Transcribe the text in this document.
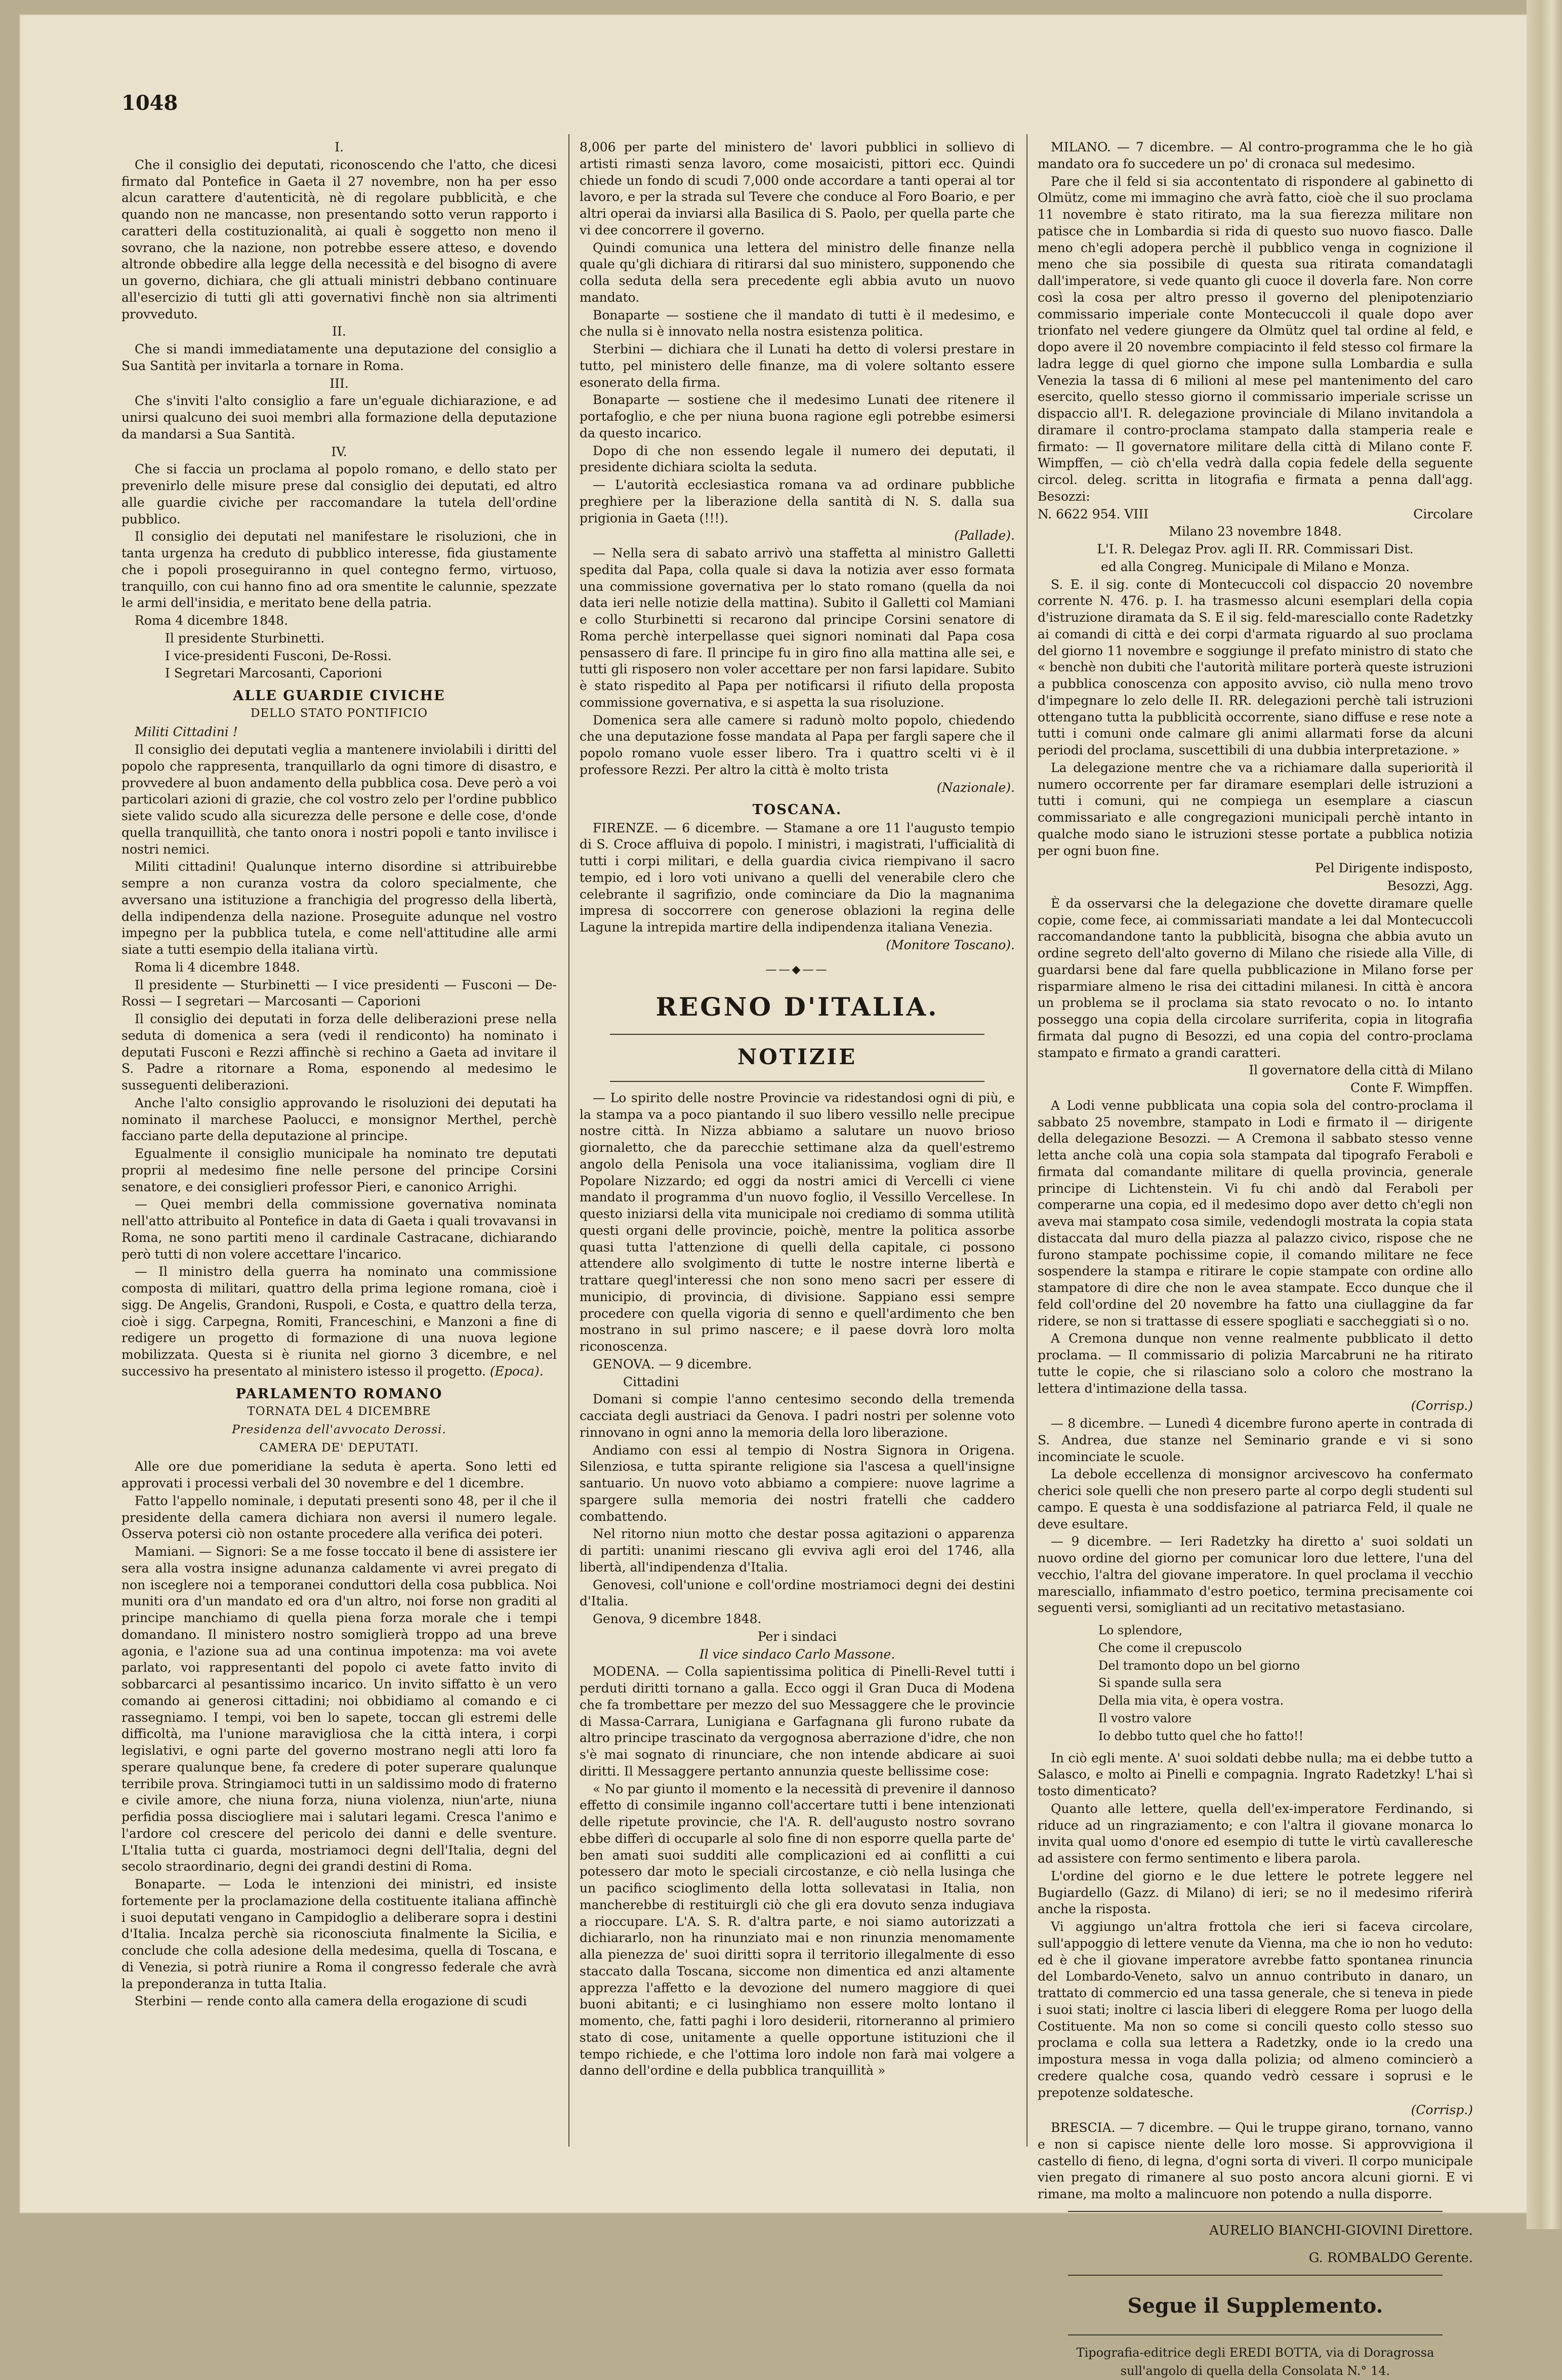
1048

I.

Che il consiglio dei deputati, riconoscendo che l'atto, che dicesi firmato dal Pontefice in Gaeta il 27 novembre, non ha per esso alcun carattere d'autenticità, nè di regolare pubblicità, e che quando non ne mancasse, non presentando sotto verun rapporto i caratteri della costituzionalità, ai quali è soggetto non meno il sovrano, che la nazione, non potrebbe essere atteso, e dovendo altronde obbedire alla legge della necessità e del bisogno di avere un governo, dichiara, che gli attuali ministri debbano continuare all'esercizio di tutti gli atti governativi finchè non sia altrimenti provveduto.

II.

Che si mandi immediatamente una deputazione del consiglio a Sua Santità per invitarla a tornare in Roma.

III.

Che s'inviti l'alto consiglio a fare un'eguale dichiarazione, e ad unirsi qualcuno dei suoi membri alla formazione della deputazione da mandarsi a Sua Santità.

IV.

Che si faccia un proclama al popolo romano, e dello stato per prevenirlo delle misure prese dal consiglio dei deputati, ed altro alle guardie civiche per raccomandare la tutela dell'ordine pubblico.

Il consiglio dei deputati nel manifestare le risoluzioni, che in tanta urgenza ha creduto di pubblico interesse, fida giustamente che i popoli proseguiranno in quel contegno fermo, virtuoso, tranquillo, con cui hanno fino ad ora smentite le calunnie, spezzate le armi dell'insidia, e meritato bene della patria.

Roma 4 dicembre 1848.

Il presidente Sturbinetti.

I vice-presidenti Fusconi, De-Rossi.

I Segretari Marcosanti, Caporioni

ALLE GUARDIE CIVICHE
DELLO STATO PONTIFICIO

Militi Cittadini !

Il consiglio dei deputati veglia a mantenere inviolabili i diritti del popolo che rappresenta, tranquillarlo da ogni timore di disastro, e provvedere al buon andamento della pubblica cosa. Deve però a voi particolari azioni di grazie, che col vostro zelo per l'ordine pubblico siete valido scudo alla sicurezza delle persone e delle cose, d'onde quella tranquillità, che tanto onora i nostri popoli e tanto invilisce i nostri nemici.

Militi cittadini! Qualunque interno disordine si attribuirebbe sempre a non curanza vostra da coloro specialmente, che avversano una istituzione a franchigia del progresso della libertà, della indipendenza della nazione. Proseguite adunque nel vostro impegno per la pubblica tutela, e come nell'attitudine alle armi siate a tutti esempio della italiana virtù.

Roma li 4 dicembre 1848.

Il presidente — Sturbinetti — I vice presidenti — Fusconi — De-Rossi — I segretari — Marcosanti — Caporioni

Il consiglio dei deputati in forza delle deliberazioni prese nella seduta di domenica a sera (vedi il rendiconto) ha nominato i deputati Fusconi e Rezzi affinchè si rechino a Gaeta ad invitare il S. Padre a ritornare a Roma, esponendo al medesimo le susseguenti deliberazioni.

Anche l'alto consiglio approvando le risoluzioni dei deputati ha nominato il marchese Paolucci, e monsignor Merthel, perchè facciano parte della deputazione al principe.

Egualmente il consiglio municipale ha nominato tre deputati proprii al medesimo fine nelle persone del principe Corsini senatore, e dei consiglieri professor Pieri, e canonico Arrighi.

— Quei membri della commissione governativa nominata nell'atto attribuito al Pontefice in data di Gaeta i quali trovavansi in Roma, ne sono partiti meno il cardinale Castracane, dichiarando però tutti di non volere accettare l'incarico.

— Il ministro della guerra ha nominato una commissione composta di militari, quattro della prima legione romana, cioè i sigg. De Angelis, Grandoni, Ruspoli, e Costa, e quattro della terza, cioè i sigg. Carpegna, Romiti, Franceschini, e Manzoni a fine di redigere un progetto di formazione di una nuova legione mobilizzata. Questa si è riunita nel giorno 3 dicembre, e nel successivo ha presentato al ministero istesso il progetto. (Epoca).

PARLAMENTO ROMANO
TORNATA DEL 4 DICEMBRE
Presidenza dell'avvocato Derossi.
CAMERA DE' DEPUTATI.

Alle ore due pomeridiane la seduta è aperta. Sono letti ed approvati i processi verbali del 30 novembre e del 1 dicembre.

Fatto l'appello nominale, i deputati presenti sono 48, per il che il presidente della camera dichiara non aversi il numero legale. Osserva potersi ciò non ostante procedere alla verifica dei poteri.

Mamiani. — Signori: Se a me fosse toccato il bene di assistere ier sera alla vostra insigne adunanza caldamente vi avrei pregato di non isceglere noi a temporanei conduttori della cosa pubblica. Noi muniti ora d'un mandato ed ora d'un altro, noi forse non graditi al principe manchiamo di quella piena forza morale che i tempi domandano. Il ministero nostro somiglierà troppo ad una breve agonia, e l'azione sua ad una continua impotenza: ma voi avete parlato, voi rappresentanti del popolo ci avete fatto invito di sobbarcarci al pesantissimo incarico. Un invito siffatto è un vero comando ai generosi cittadini; noi obbidiamo al comando e ci rassegniamo. I tempi, voi ben lo sapete, toccan gli estremi delle difficoltà, ma l'unione maravigliosa che la città intera, i corpi legislativi, e ogni parte del governo mostrano negli atti loro fa sperare qualunque bene, fa credere di poter superare qualunque terribile prova. Stringiamoci tutti in un saldissimo modo di fraterno e civile amore, che niuna forza, niuna violenza, niun'arte, niuna perfidia possa disciogliere mai i salutari legami. Cresca l'animo e l'ardore col crescere del pericolo dei danni e delle sventure. L'Italia tutta ci guarda, mostriamoci degni dell'Italia, degni del secolo straordinario, degni dei grandi destini di Roma.

Bonaparte. — Loda le intenzioni dei ministri, ed insiste fortemente per la proclamazione della costituente italiana affinchè i suoi deputati vengano in Campidoglio a deliberare sopra i destini d'Italia. Incalza perchè sia riconosciuta finalmente la Sicilia, e conclude che colla adesione della medesima, quella di Toscana, e di Venezia, si potrà riunire a Roma il congresso federale che avrà la preponderanza in tutta Italia.

Sterbini — rende conto alla camera della erogazione di scudi

8,006 per parte del ministero de' lavori pubblici in sollievo di artisti rimasti senza lavoro, come mosaicisti, pittori ecc. Quindi chiede un fondo di scudi 7,000 onde accordare a tanti operai al tor lavoro, e per la strada sul Tevere che conduce al Foro Boario, e per altri operai da inviarsi alla Basilica di S. Paolo, per quella parte che vi dee concorrere il governo.

Quindi comunica una lettera del ministro delle finanze nella quale qu'gli dichiara di ritirarsi dal suo ministero, supponendo che colla seduta della sera precedente egli abbia avuto un nuovo mandato.

Bonaparte — sostiene che il mandato di tutti è il medesimo, e che nulla si è innovato nella nostra esistenza politica.

Sterbini — dichiara che il Lunati ha detto di volersi prestare in tutto, pel ministero delle finanze, ma di volere soltanto essere esonerato della firma.

Bonaparte — sostiene che il medesimo Lunati dee ritenere il portafoglio, e che per niuna buona ragione egli potrebbe esimersi da questo incarico.

Dopo di che non essendo legale il numero dei deputati, il presidente dichiara sciolta la seduta.

— L'autorità ecclesiastica romana va ad ordinare pubbliche preghiere per la liberazione della santità di N. S. dalla sua prigionia in Gaeta (!!!).

(Pallade).

— Nella sera di sabato arrivò una staffetta al ministro Galletti spedita dal Papa, colla quale si dava la notizia aver esso formata una commissione governativa per lo stato romano (quella da noi data ieri nelle notizie della mattina). Subito il Galletti col Mamiani e collo Sturbinetti si recarono dal principe Corsini senatore di Roma perchè interpellasse quei signori nominati dal Papa cosa pensassero di fare. Il principe fu in giro fino alla mattina alle sei, e tutti gli risposero non voler accettare per non farsi lapidare. Subito è stato rispedito al Papa per notificarsi il rifiuto della proposta commissione governativa, e si aspetta la sua risoluzione.

Domenica sera alle camere si radunò molto popolo, chiedendo che una deputazione fosse mandata al Papa per fargli sapere che il popolo romano vuole esser libero. Tra i quattro scelti vi è il professore Rezzi. Per altro la città è molto trista

(Nazionale).

TOSCANA.

FIRENZE. — 6 dicembre. — Stamane a ore 11 l'augusto tempio di S. Croce affluiva di popolo. I ministri, i magistrati, l'ufficialità di tutti i corpi militari, e della guardia civica riempivano il sacro tempio, ed i loro voti univano a quelli del venerabile clero che celebrante il sagrifizio, onde cominciare da Dio la magnanima impresa di soccorrere con generose oblazioni la regina delle Lagune la intrepida martire della indipendenza italiana Venezia.

(Monitore Toscano).

——◆——
REGNO D'ITALIA.
NOTIZIE

— Lo spirito delle nostre Provincie va ridestandosi ogni di più, e la stampa va a poco piantando il suo libero vessillo nelle precipue nostre città. In Nizza abbiamo a salutare un nuovo brioso giornaletto, che da parecchie settimane alza da quell'estremo angolo della Penisola una voce italianissima, vogliam dire Il Popolare Nizzardo; ed oggi da nostri amici di Vercelli ci viene mandato il programma d'un nuovo foglio, il Vessillo Vercellese. In questo iniziarsi della vita municipale noi crediamo di somma utilità questi organi delle provincie, poichè, mentre la politica assorbe quasi tutta l'attenzione di quelli della capitale, ci possono attendere allo svolgimento di tutte le nostre interne libertà e trattare quegl'interessi che non sono meno sacri per essere di municipio, di provincia, di divisione. Sappiano essi sempre procedere con quella vigoria di senno e quell'ardimento che ben mostrano in sul primo nascere; e il paese dovrà loro molta riconoscenza.

GENOVA. — 9 dicembre.

Cittadini

Domani si compie l'anno centesimo secondo della tremenda cacciata degli austriaci da Genova. I padri nostri per solenne voto rinnovano in ogni anno la memoria della loro liberazione.

Andiamo con essi al tempio di Nostra Signora in Origena. Silenziosa, e tutta spirante religione sia l'ascesa a quell'insigne santuario. Un nuovo voto abbiamo a compiere: nuove lagrime a spargere sulla memoria dei nostri fratelli che caddero combattendo.

Nel ritorno niun motto che destar possa agitazioni o apparenza di partiti: unanimi riescano gli evviva agli eroi del 1746, alla libertà, all'indipendenza d'Italia.

Genovesi, coll'unione e coll'ordine mostriamoci degni dei destini d'Italia.

Genova, 9 dicembre 1848.

Per i sindaci

Il vice sindaco Carlo Massone.

MODENA. — Colla sapientissima politica di Pinelli-Revel tutti i perduti diritti tornano a galla. Ecco oggi il Gran Duca di Modena che fa trombettare per mezzo del suo Messaggere che le provincie di Massa-Carrara, Lunigiana e Garfagnana gli furono rubate da altro principe trascinato da vergognosa aberrazione d'idre, che non s'è mai sognato di rinunciare, che non intende abdicare ai suoi diritti. Il Messaggere pertanto annunzia queste bellissime cose:

« No par giunto il momento e la necessità di prevenire il dannoso effetto di consimile inganno coll'accertare tutti i bene intenzionati delle ripetute provincie, che l'A. R. dell'augusto nostro sovrano ebbe differì di occuparle al solo fine di non esporre quella parte de' ben amati suoi sudditi alle complicazioni ed ai conflitti a cui potessero dar moto le speciali circostanze, e ciò nella lusinga che un pacifico scioglimento della lotta sollevatasi in Italia, non mancherebbe di restituirgli ciò che gli era dovuto senza indugiava a rioccupare. L'A. S. R. d'altra parte, e noi siamo autorizzati a dichiararlo, non ha rinunziato mai e non rinunzia menomamente alla pienezza de' suoi diritti sopra il territorio illegalmente di esso staccato dalla Toscana, siccome non dimentica ed anzi altamente apprezza l'affetto e la devozione del numero maggiore di quei buoni abitanti; e ci lusinghiamo non essere molto lontano il momento, che, fatti paghi i loro desiderii, ritorneranno al primiero stato di cose, unitamente a quelle opportune istituzioni che il tempo richiede, e che l'ottima loro indole non farà mai volgere a danno dell'ordine e della pubblica tranquillità »

MILANO. — 7 dicembre. — Al contro-programma che le ho già mandato ora fo succedere un po' di cronaca sul medesimo.

Pare che il feld si sia accontentato di rispondere al gabinetto di Olmütz, come mi immagino che avrà fatto, cioè che il suo proclama 11 novembre è stato ritirato, ma la sua fierezza militare non patisce che in Lombardia si rida di questo suo nuovo fiasco. Dalle meno ch'egli adopera perchè il pubblico venga in cognizione il meno che sia possibile di questa sua ritirata comandatagli dall'imperatore, si vede quanto gli cuoce il doverla fare. Non corre così la cosa per altro presso il governo del plenipotenziario commissario imperiale conte Montecuccoli il quale dopo aver trionfato nel vedere giungere da Olmütz quel tal ordine al feld, e dopo avere il 20 novembre compiacinto il feld stesso col firmare la ladra legge di quel giorno che impone sulla Lombardia e sulla Venezia la tassa di 6 milioni al mese pel mantenimento del caro esercito, quello stesso giorno il commissario imperiale scrisse un dispaccio all'I. R. delegazione provinciale di Milano invitandola a diramare il contro-proclama stampato dalla stamperia reale e firmato: — Il governatore militare della città di Milano conte F. Wimpffen, — ciò ch'ella vedrà dalla copia fedele della seguente circol. deleg. scritta in litografia e firmata a penna dall'agg. Besozzi:

N. 6622 954. VIII	Circolare

Milano 23 novembre 1848.

L'I. R. Delegaz Prov. agli II. RR. Commissari Dist.

ed alla Congreg. Municipale di Milano e Monza.

S. E. il sig. conte di Montecuccoli col dispaccio 20 novembre corrente N. 476. p. I. ha trasmesso alcuni esemplari della copia d'istruzione diramata da S. E il sig. feld-maresciallo conte Radetzky ai comandi di città e dei corpi d'armata riguardo al suo proclama del giorno 11 novembre e soggiunge il prefato ministro di stato che « benchè non dubiti che l'autorità militare porterà queste istruzioni a pubblica conoscenza con apposito avviso, ciò nulla meno trovo d'impegnare lo zelo delle II. RR. delegazioni perchè tali istruzioni ottengano tutta la pubblicità occorrente, siano diffuse e rese note a tutti i comuni onde calmare gli animi allarmati forse da alcuni periodi del proclama, suscettibili di una dubbia interpretazione. »

La delegazione mentre che va a richiamare dalla superiorità il numero occorrente per far diramare esemplari delle istruzioni a tutti i comuni, qui ne compiega un esemplare a ciascun commissariato e alle congregazioni municipali perchè intanto in qualche modo siano le istruzioni stesse portate a pubblica notizia per ogni buon fine.

Pel Dirigente indisposto,

Besozzi, Agg.

È da osservarsi che la delegazione che dovette diramare quelle copie, come fece, ai commissariati mandate a lei dal Montecuccoli raccomandandone tanto la pubblicità, bisogna che abbia avuto un ordine segreto dell'alto governo di Milano che risiede alla Ville, di guardarsi bene dal fare quella pubblicazione in Milano forse per risparmiare almeno le risa dei cittadini milanesi. In città è ancora un problema se il proclama sia stato revocato o no. Io intanto posseggo una copia della circolare surriferita, copia in litografia firmata dal pugno di Besozzi, ed una copia del contro-proclama stampato e firmato a grandi caratteri.

Il governatore della città di Milano

Conte F. Wimpffen.

A Lodi venne pubblicata una copia sola del contro-proclama il sabbato 25 novembre, stampato in Lodi e firmato il — dirigente della delegazione Besozzi. — A Cremona il sabbato stesso venne letta anche colà una copia sola stampata dal tipografo Feraboli e firmata dal comandante militare di quella provincia, generale principe di Lichtenstein. Vi fu chi andò dal Feraboli per comperarne una copia, ed il medesimo dopo aver detto ch'egli non aveva mai stampato cosa simile, vedendogli mostrata la copia stata distaccata dal muro della piazza al palazzo civico, rispose che ne furono stampate pochissime copie, il comando militare ne fece sospendere la stampa e ritirare le copie stampate con ordine allo stampatore di dire che non le avea stampate. Ecco dunque che il feld coll'ordine del 20 novembre ha fatto una ciullaggine da far ridere, se non si trattasse di essere spogliati e saccheggiati sì o no.

A Cremona dunque non venne realmente pubblicato il detto proclama. — Il commissario di polizia Marcabruni ne ha ritirato tutte le copie, che si rilasciano solo a coloro che mostrano la lettera d'intimazione della tassa.

(Corrisp.)

— 8 dicembre. — Lunedì 4 dicembre furono aperte in contrada di S. Andrea, due stanze nel Seminario grande e vi si sono incominciate le scuole.

La debole eccellenza di monsignor arcivescovo ha confermato cherici sole quelli che non presero parte al corpo degli studenti sul campo. E questa è una soddisfazione al patriarca Feld, il quale ne deve esultare.

— 9 dicembre. — Ieri Radetzky ha diretto a' suoi soldati un nuovo ordine del giorno per comunicar loro due lettere, l'una del vecchio, l'altra del giovane imperatore. In quel proclama il vecchio maresciallo, infiammato d'estro poetico, termina precisamente coi seguenti versi, somiglianti ad un recitativo metastasiano.

Lo splendore,
Che come il crepuscolo
Del tramonto dopo un bel giorno
Si spande sulla sera
Della mia vita, è opera vostra.
Il vostro valore
Io debbo tutto quel che ho fatto!!

In ciò egli mente. A' suoi soldati debbe nulla; ma ei debbe tutto a Salasco, e molto ai Pinelli e compagnia. Ingrato Radetzky! L'hai sì tosto dimenticato?

Quanto alle lettere, quella dell'ex-imperatore Ferdinando, si riduce ad un ringraziamento; e con l'altra il giovane monarca lo invita qual uomo d'onore ed esempio di tutte le virtù cavalleresche ad assistere con fermo sentimento e libera parola.

L'ordine del giorno e le due lettere le potrete leggere nel Bugiardello (Gazz. di Milano) di ieri; se no il medesimo riferirà anche la risposta.

Vi aggiungo un'altra frottola che ieri si faceva circolare, sull'appoggio di lettere venute da Vienna, ma che io non ho veduto: ed è che il giovane imperatore avrebbe fatto spontanea rinuncia del Lombardo-Veneto, salvo un annuo contributo in danaro, un trattato di commercio ed una tassa generale, che si teneva in piede i suoi stati; inoltre ci lascia liberi di eleggere Roma per luogo della Costituente. Ma non so come si concili questo collo stesso suo proclama e colla sua lettera a Radetzky, onde io la credo una impostura messa in voga dalla polizia; od almeno comincierò a credere qualche cosa, quando vedrò cessare i soprusi e le prepotenze soldatesche.

(Corrisp.)

BRESCIA. — 7 dicembre. — Qui le truppe girano, tornano, vanno e non si capisce niente delle loro mosse. Si approvvigiona il castello di fieno, di legna, d'ogni sorta di viveri. Il corpo municipale vien pregato di rimanere al suo posto ancora alcuni giorni. E vi rimane, ma molto a malincuore non potendo a nulla disporre.

AURELIO BIANCHI-GIOVINI Direttore.
G. ROMBALDO Gerente.
Segue il Supplemento.
Tipografia-editrice degli EREDI BOTTA, via di Doragrossa
sull'angolo di quella della Consolata N.° 14.
